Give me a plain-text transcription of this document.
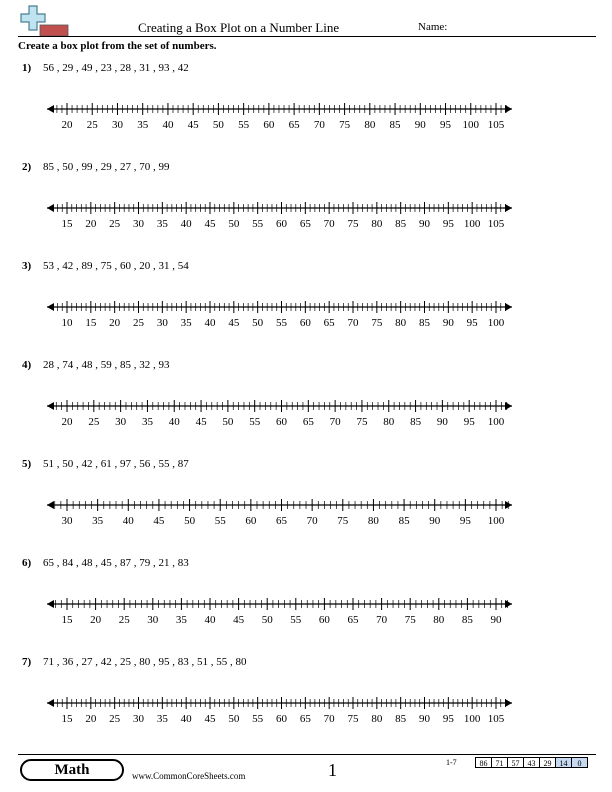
Creating a Box Plot on a Number Line	Name:
Create a box plot from the set of numbers.
1) 56 , 29 , 49 , 23 , 28 , 31 , 93 , 42
20 25 30 35 40 45 50 55 60 65 70 75 80 85 90 95 100 105
2) 85 , 50 , 99 , 29 , 27 , 70 , 99
15 20 25 30 35 40 45 50 55 60 65 70 75 80 85 90 95 100 105
3) 53 , 42 , 89 , 75 , 60 , 20 , 31 , 54
10 15 20 25 30 35 40 45 50 55 60 65 70 75 80 85 90 95 100
4) 28 , 74 , 48 , 59 , 85 , 32 , 93
20 25 30 35 40 45 50 55 60 65 70 75 80 85 90 95 100
5) 51 , 50 , 42 , 61 , 97 , 56 , 55 , 87
30 35 40 45 50 55 60 65 70 75 80 85 90 95 100
6) 65 , 84 , 48 , 45 , 87 , 79 , 21 , 83
15 20 25 30 35 40 45 50 55 60 65 70 75 80 85 90
7) 71 , 36 , 27 , 42 , 25 , 80 , 95 , 83 , 51 , 55 , 80
15 20 25 30 35 40 45 50 55 60 65 70 75 80 85 90 95 100 105
Math	www.CommonCoreSheets.com	1	1-7	86	71	57	43	29	14	0
